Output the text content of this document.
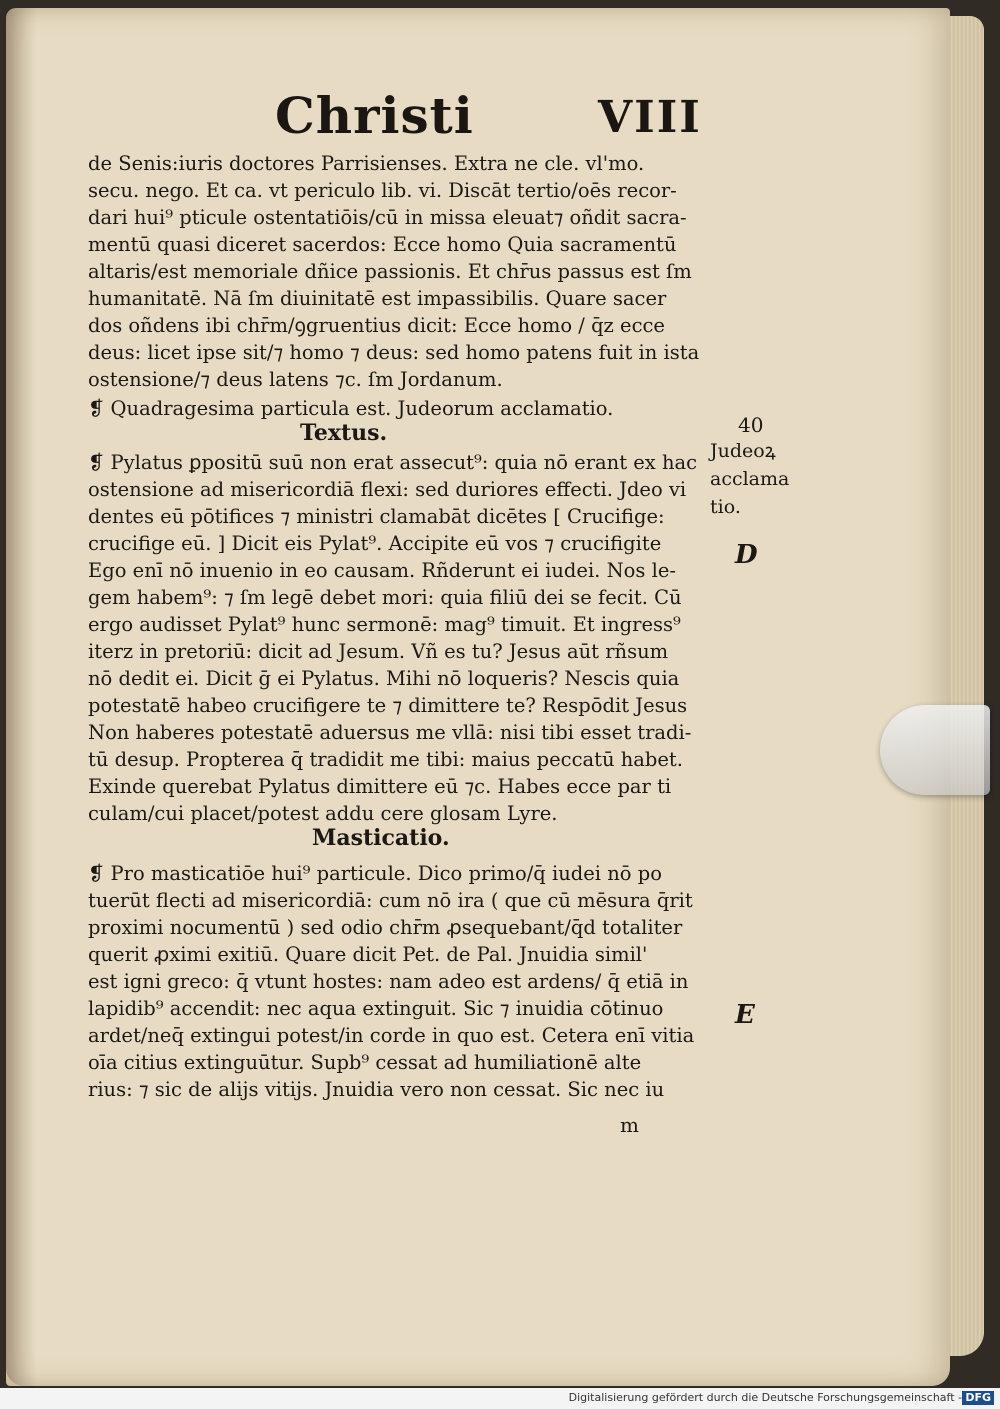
Christi	VIII
de Senis:iuris doctores Parrisienses. Extra ne cle. vl'mo.
secu. nego. Et ca. vt periculo lib. vi. Discāt tertio/oēs recor-
dari hui⁹ pticule ostentatiōis/cū in missa eleuat⁊ oñdit sacra-
mentū quasi diceret sacerdos: Ecce homo Quia sacramentū
altaris/est memoriale dñice passionis. Et chr̄us passus est ſm
humanitatē. Nā ſm diuinitatē est impassibilis. Quare sacer
dos oñdens ibi chr̄m/ꝯgruentius dicit: Ecce homo / q̄z ecce
deus: licet ipse sit/⁊ homo ⁊ deus: sed homo patens fuit in ista
ostensione/⁊ deus latens ⁊c. ſm Jordanum.
❡ Quadragesima particula est. Judeorum acclamatio.
Textus.
❡ Pylatus ꝑpositū suū non erat assecut⁹: quia nō erant ex hac
ostensione ad misericordiā flexi: sed duriores effecti. Jdeo vi
dentes eū pōtifices ⁊ ministri clamabāt dicētes [ Crucifige:
crucifige eū. ] Dicit eis Pylat⁹. Accipite eū vos ⁊ crucifigite
Ego enī nō inuenio in eo causam. Rñderunt ei iudei. Nos le-
gem habem⁹: ⁊ ſm legē debet mori: quia filiū dei se fecit. Cū
ergo audisset Pylat⁹ hunc sermonē: mag⁹ timuit. Et ingress⁹
iterz in pretoriū: dicit ad Jesum. Vñ es tu? Jesus aūt rñsum
nō dedit ei. Dicit ḡ ei Pylatus. Mihi nō loqueris? Nescis quia
potestatē habeo crucifigere te ⁊ dimittere te? Respōdit Jesus
Non haberes potestatē aduersus me vllā: nisi tibi esset tradi-
tū desup. Propterea q̄ tradidit me tibi: maius peccatū habet.
Exinde querebat Pylatus dimittere eū ⁊c. Habes ecce par ti
culam/cui placet/potest addu cere glosam Lyre.
Masticatio.
❡ Pro masticatiōe hui⁹ particule. Dico primo/q̄ iudei nō po
tuerūt flecti ad misericordiā: cum nō ira ( que cū mēsura q̄rit
proximi nocumentū ) sed odio chr̄m ꝓsequebant/q̄d totaliter
querit ꝓximi exitiū. Quare dicit Pet. de Pal. Jnuidia simil'
est igni greco: q̄ vtunt hostes: nam adeo est ardens/ q̄ etiā in
lapidib⁹ accendit: nec aqua extinguit. Sic ⁊ inuidia cōtinuo
ardet/neq̄ extingui potest/in corde in quo est. Cetera enī vitia
oīa citius extinguūtur. Supb⁹ cessat ad humiliationē alte
rius: ⁊ sic de alijs vitijs. Jnuidia vero non cessat. Sic nec iu
m
40
Judeoꝝ
acclama
tio.
D
E
Digitalisierung gefördert durch die Deutsche Forschungsgemeinschaft - DFG
